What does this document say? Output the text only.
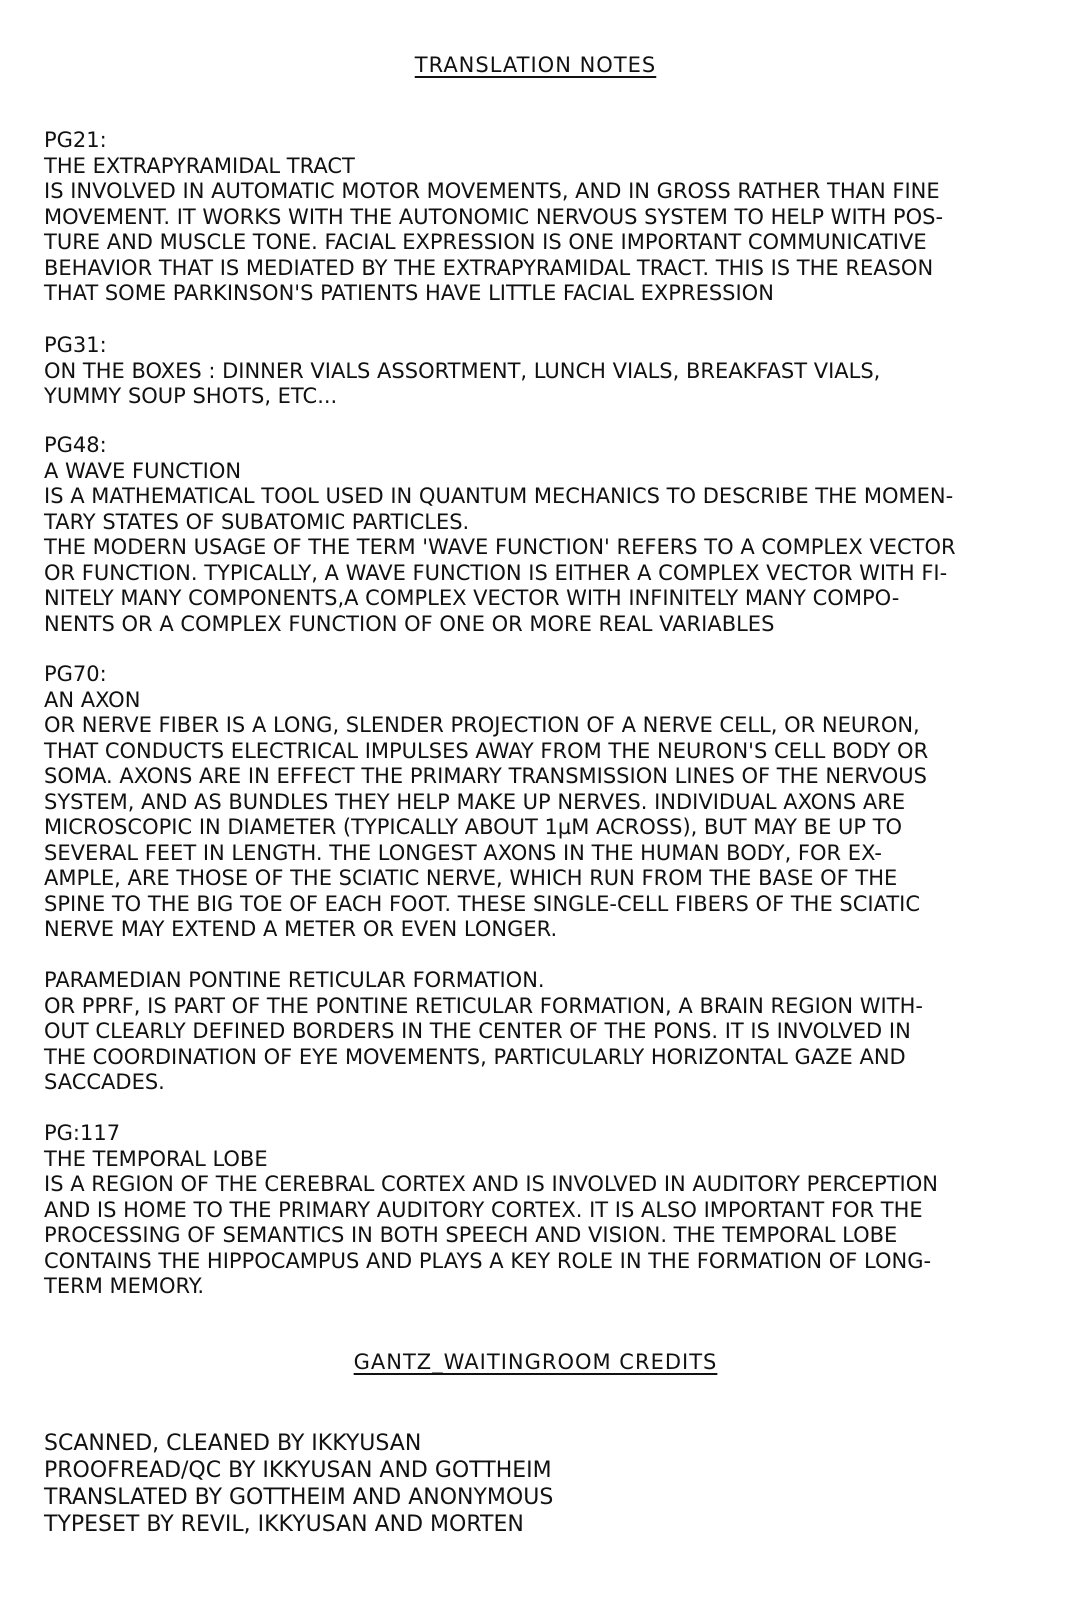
TRANSLATION NOTES
PG21:
THE EXTRAPYRAMIDAL TRACT
IS INVOLVED IN AUTOMATIC MOTOR MOVEMENTS, AND IN GROSS RATHER THAN FINE
MOVEMENT. IT WORKS WITH THE AUTONOMIC NERVOUS SYSTEM TO HELP WITH POS-
TURE AND MUSCLE TONE. FACIAL EXPRESSION IS ONE IMPORTANT COMMUNICATIVE
BEHAVIOR THAT IS MEDIATED BY THE EXTRAPYRAMIDAL TRACT. THIS IS THE REASON
THAT SOME PARKINSON'S PATIENTS HAVE LITTLE FACIAL EXPRESSION
PG31:
ON THE BOXES : DINNER VIALS ASSORTMENT, LUNCH VIALS, BREAKFAST VIALS,
YUMMY SOUP SHOTS, ETC...
PG48:
A WAVE FUNCTION
IS A MATHEMATICAL TOOL USED IN QUANTUM MECHANICS TO DESCRIBE THE MOMEN-
TARY STATES OF SUBATOMIC PARTICLES.
THE MODERN USAGE OF THE TERM 'WAVE FUNCTION' REFERS TO A COMPLEX VECTOR
OR FUNCTION. TYPICALLY, A WAVE FUNCTION IS EITHER A COMPLEX VECTOR WITH FI-
NITELY MANY COMPONENTS,A COMPLEX VECTOR WITH INFINITELY MANY COMPO-
NENTS OR A COMPLEX FUNCTION OF ONE OR MORE REAL VARIABLES
PG70:
AN AXON
OR NERVE FIBER IS A LONG, SLENDER PROJECTION OF A NERVE CELL, OR NEURON,
THAT CONDUCTS ELECTRICAL IMPULSES AWAY FROM THE NEURON'S CELL BODY OR
SOMA. AXONS ARE IN EFFECT THE PRIMARY TRANSMISSION LINES OF THE NERVOUS
SYSTEM, AND AS BUNDLES THEY HELP MAKE UP NERVES. INDIVIDUAL AXONS ARE
MICROSCOPIC IN DIAMETER (TYPICALLY ABOUT 1µM ACROSS), BUT MAY BE UP TO
SEVERAL FEET IN LENGTH. THE LONGEST AXONS IN THE HUMAN BODY, FOR EX-
AMPLE, ARE THOSE OF THE SCIATIC NERVE, WHICH RUN FROM THE BASE OF THE
SPINE TO THE BIG TOE OF EACH FOOT. THESE SINGLE-CELL FIBERS OF THE SCIATIC
NERVE MAY EXTEND A METER OR EVEN LONGER.
PARAMEDIAN PONTINE RETICULAR FORMATION.
OR PPRF, IS PART OF THE PONTINE RETICULAR FORMATION, A BRAIN REGION WITH-
OUT CLEARLY DEFINED BORDERS IN THE CENTER OF THE PONS. IT IS INVOLVED IN
THE COORDINATION OF EYE MOVEMENTS, PARTICULARLY HORIZONTAL GAZE AND
SACCADES.
PG:117
THE TEMPORAL LOBE
IS A REGION OF THE CEREBRAL CORTEX AND IS INVOLVED IN AUDITORY PERCEPTION
AND IS HOME TO THE PRIMARY AUDITORY CORTEX. IT IS ALSO IMPORTANT FOR THE
PROCESSING OF SEMANTICS IN BOTH SPEECH AND VISION. THE TEMPORAL LOBE
CONTAINS THE HIPPOCAMPUS AND PLAYS A KEY ROLE IN THE FORMATION OF LONG-
TERM MEMORY.
GANTZ_WAITINGROOM CREDITS
SCANNED, CLEANED BY IKKYUSAN
PROOFREAD/QC BY IKKYUSAN AND GOTTHEIM
TRANSLATED BY GOTTHEIM AND ANONYMOUS
TYPESET BY REVIL, IKKYUSAN AND MORTEN
